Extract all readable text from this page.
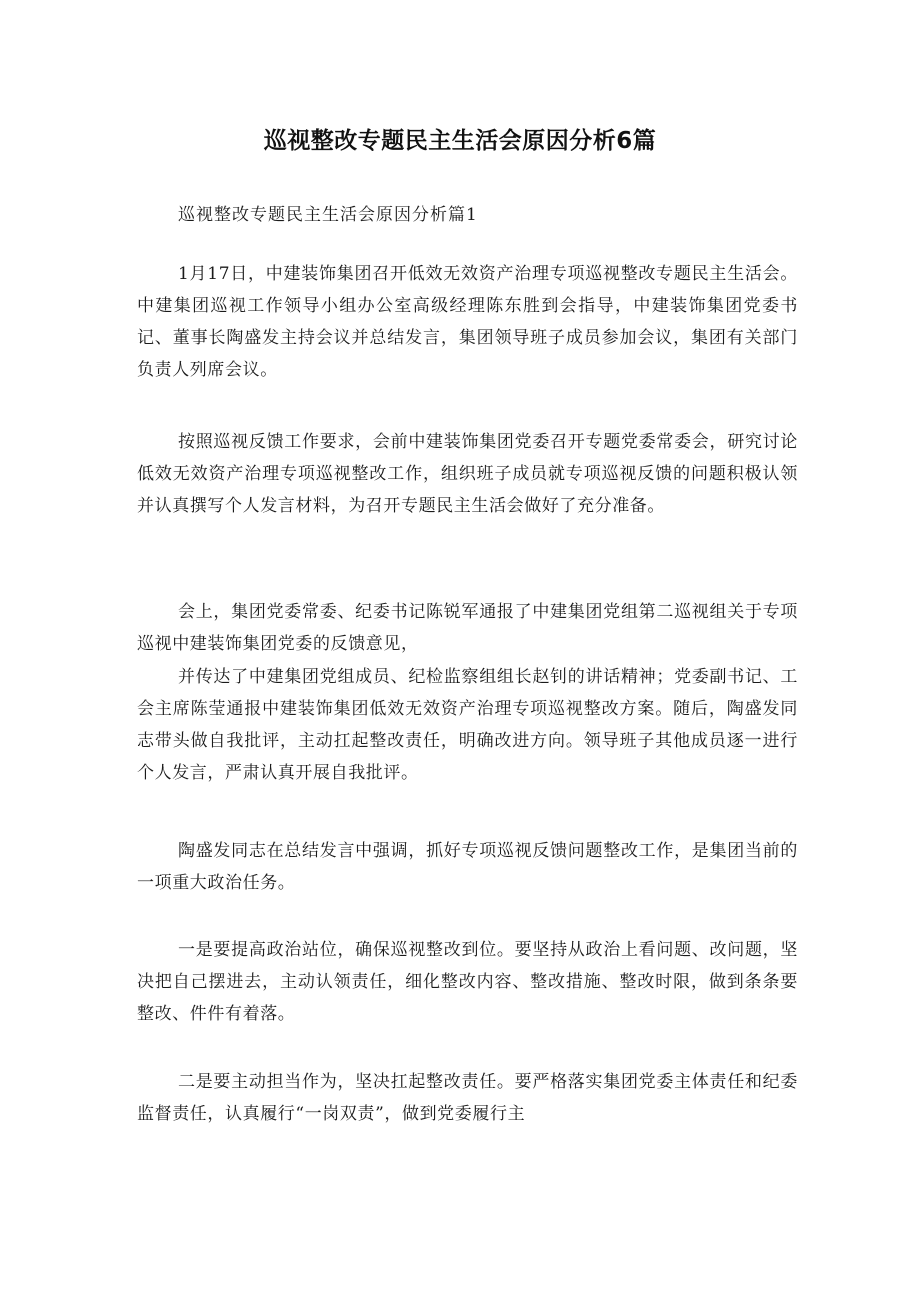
巡视整改专题民主生活会原因分析6篇

巡视整改专题民主生活会原因分析篇1

1月17日，中建装饰集团召开低效无效资产治理专项巡视整改专题民主生活会。中建集团巡视工作领导小组办公室高级经理陈东胜到会指导，中建装饰集团党委书记、董事长陶盛发主持会议并总结发言，集团领导班子成员参加会议，集团有关部门负责人列席会议。

按照巡视反馈工作要求，会前中建装饰集团党委召开专题党委常委会，研究讨论低效无效资产治理专项巡视整改工作，组织班子成员就专项巡视反馈的问题积极认领并认真撰写个人发言材料，为召开专题民主生活会做好了充分准备。

会上，集团党委常委、纪委书记陈锐军通报了中建集团党组第二巡视组关于专项巡视中建装饰集团党委的反馈意见，

并传达了中建集团党组成员、纪检监察组组长赵钊的讲话精神；党委副书记、工会主席陈莹通报中建装饰集团低效无效资产治理专项巡视整改方案。随后，陶盛发同志带头做自我批评，主动扛起整改责任，明确改进方向。领导班子其他成员逐一进行个人发言，严肃认真开展自我批评。

陶盛发同志在总结发言中强调，抓好专项巡视反馈问题整改工作，是集团当前的一项重大政治任务。

一是要提高政治站位，确保巡视整改到位。要坚持从政治上看问题、改问题，坚决把自己摆进去，主动认领责任，细化整改内容、整改措施、整改时限，做到条条要整改、件件有着落。

二是要主动担当作为，坚决扛起整改责任。要严格落实集团党委主体责任和纪委监督责任，认真履行“一岗双责”，做到党委履行主
